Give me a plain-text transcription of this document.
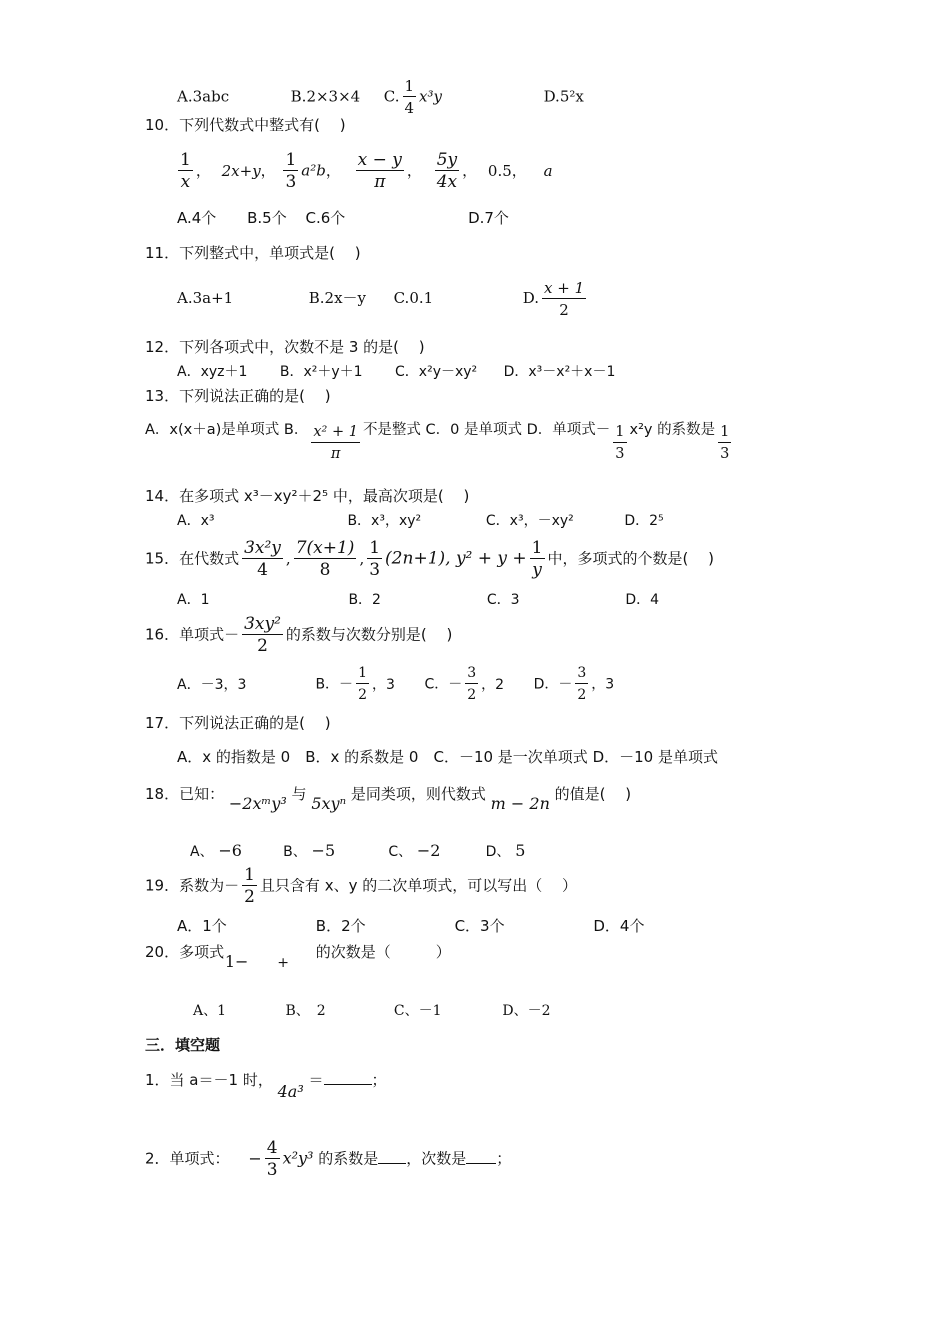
A.3abc	B.2×3×4 C. $\frac{1}{4} x^3y$	D.5²x
10．下列代数式中整式有(　 )
$\frac{1}{x}$ ， 2x+y， $\frac{1}{3} a^2b$， $\frac{x - y}{\pi}$ ， $\frac{5y}{4x}$ ， 0.5， a
A.4个 B.5个 C.6个	D.7个
11．下列整式中，单项式是(　 )
A.3a+1	B.2x－y C.0.1	D. $\frac{x + 1}{2}$
12．下列各项式中，次数不是 3 的是(　 )
A．xyz＋1 B．x²＋y＋1 C．x²y－xy² D．x³－x²＋x－1
13．下列说法正确的是(　 )
A．x(x＋a)是单项式 B． $\frac{\text{x² + 1}}{\pi}$ 不是整式 C．0 是单项式 D．单项式－ $\frac{1}{3} x^2y$ 的系数是 $\frac{1}{3}$
14．在多项式 x³－xy²＋2⁵ 中，最高次项是(　 )
A．x³	B．x³，xy²	C．x³，－xy²	D．2⁵
15．在代数式 $\frac{\text{3x²y}}{4}$ , $\frac{7(x+1)}{8}$ , $\frac{1}{3} (2n+1)$, $y^2 + y + \frac{1}{y}$ 中，多项式的个数是(　 )
A．1	B．2	C．3	D．4
16．单项式－ $\frac{\text{3xy²}}{2}$ 的系数与次数分别是(　 )
A．－3，3	B．－ $\frac{1}{2}$ ，3 C．－ $\frac{3}{2}$ ，2 D．－ $\frac{3}{2}$ ，3
17．下列说法正确的是(　 )
A．x 的指数是 0　B．x 的系数是 0　C．－10 是一次单项式 D．－10 是单项式
18．已知： −2xᵐy³ 与 5xyⁿ 是同类项，则代数式 m − 2n 的值是(　 )
A、 −6	B、 −5	C、 −2	D、 5
19．系数为－ $\frac{1}{2}$ 且只含有 x、y 的二次单项式，可以写出（　 ）
A．1个	B．2个	C．3个	D．4个
20．多项式 1− + 的次数是（　　　）
A、1	B、　2	C、－1	D、－2
三．填空题
1．当 a＝－1 时， 4a³ ＝	；
2．单项式： − $\frac{4}{3} x^2y^3$ 的系数是 ，次数是 ；
